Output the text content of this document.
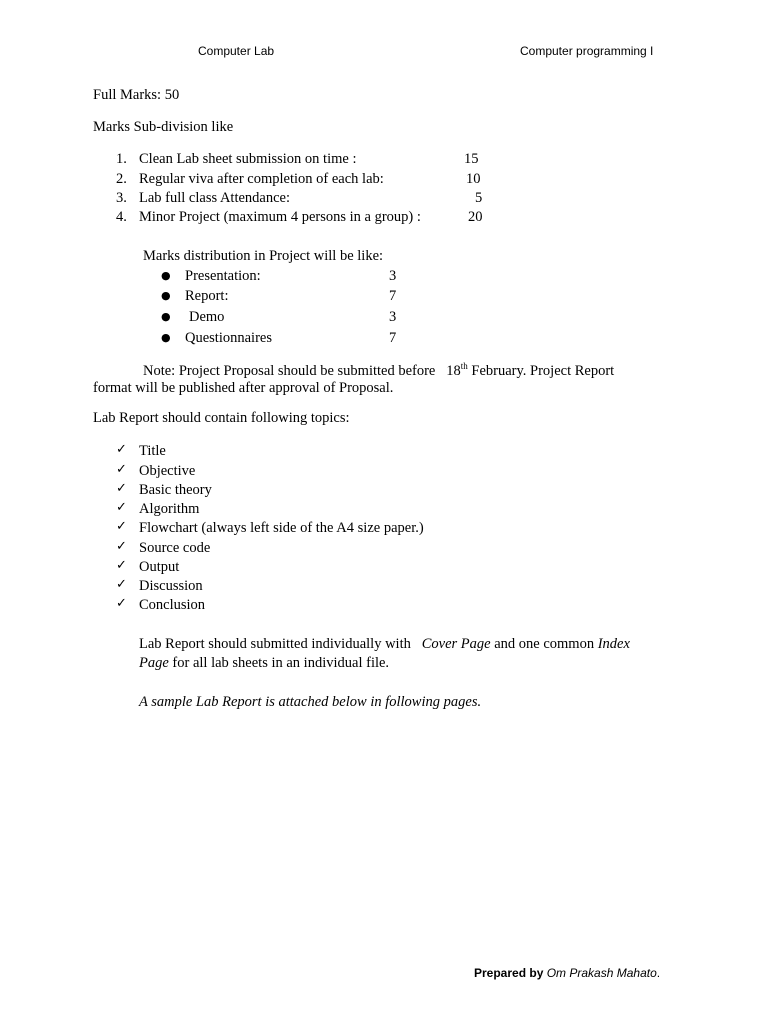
Computer Lab	Computer programming I
Full Marks: 50
Marks Sub-division like
1. Clean Lab sheet submission on time :	15
2. Regular viva after completion of each lab:	10
3. Lab full class Attendance:	5
4. Minor Project (maximum 4 persons in a group) :	20
Marks distribution in Project will be like:
● Presentation:	3
● Report:	7
● Demo	3
● Questionnaires	7
Note: Project Proposal should be submitted before 18th February. Project Report
format will be published after approval of Proposal.
Lab Report should contain following topics:
✓ Title
✓ Objective
✓ Basic theory
✓ Algorithm
✓ Flowchart (always left side of the A4 size paper.)
✓ Source code
✓ Output
✓ Discussion
✓ Conclusion
Lab Report should submitted individually with Cover Page and one common Index
Page for all lab sheets in an individual file.
A sample Lab Report is attached below in following pages.
Prepared by Om Prakash Mahato.
